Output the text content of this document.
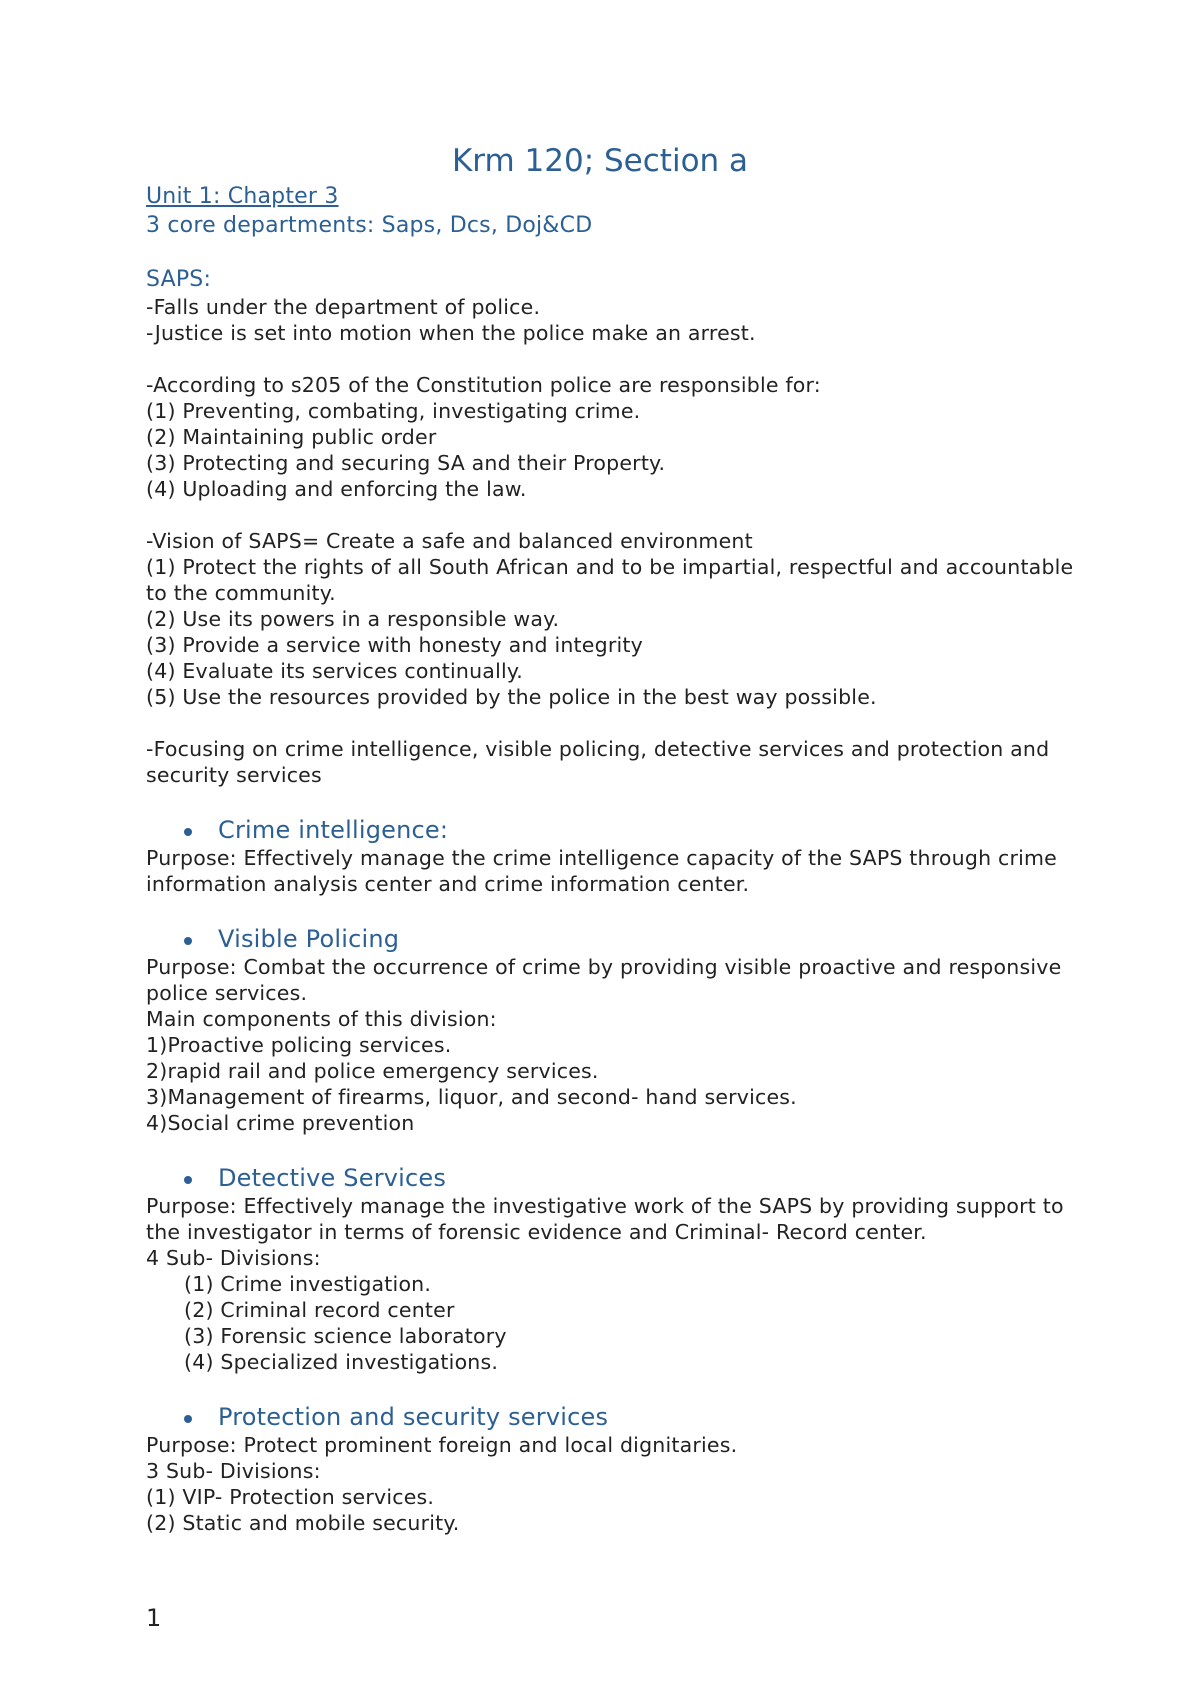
Krm 120; Section a
Unit 1: Chapter 3
3 core departments: Saps, Dcs, Doj&CD
SAPS:
-Falls under the department of police.
-Justice is set into motion when the police make an arrest.
-According to s205 of the Constitution police are responsible for:
(1) Preventing, combating, investigating crime.
(2) Maintaining public order
(3) Protecting and securing SA and their Property.
(4) Uploading and enforcing the law.
-Vision of SAPS= Create a safe and balanced environment
(1) Protect the rights of all South African and to be impartial, respectful and accountable to the community.
(2) Use its powers in a responsible way.
(3) Provide a service with honesty and integrity
(4) Evaluate its services continually.
(5) Use the resources provided by the police in the best way possible.
-Focusing on crime intelligence, visible policing, detective services and protection and security services
Crime intelligence:
Purpose: Effectively manage the crime intelligence capacity of the SAPS through crime information analysis center and crime information center.
Visible Policing
Purpose: Combat the occurrence of crime by providing visible proactive and responsive police services.
Main components of this division:
1)Proactive policing services.
2)rapid rail and police emergency services.
3)Management of firearms, liquor, and second- hand services.
4)Social crime prevention
Detective Services
Purpose: Effectively manage the investigative work of the SAPS by providing support to the investigator in terms of forensic evidence and Criminal- Record center.
4 Sub- Divisions:
(1) Crime investigation.
(2) Criminal record center
(3) Forensic science laboratory
(4) Specialized investigations.
Protection and security services
Purpose: Protect prominent foreign and local dignitaries.
3 Sub- Divisions:
(1) VIP- Protection services.
(2) Static and mobile security.
1
